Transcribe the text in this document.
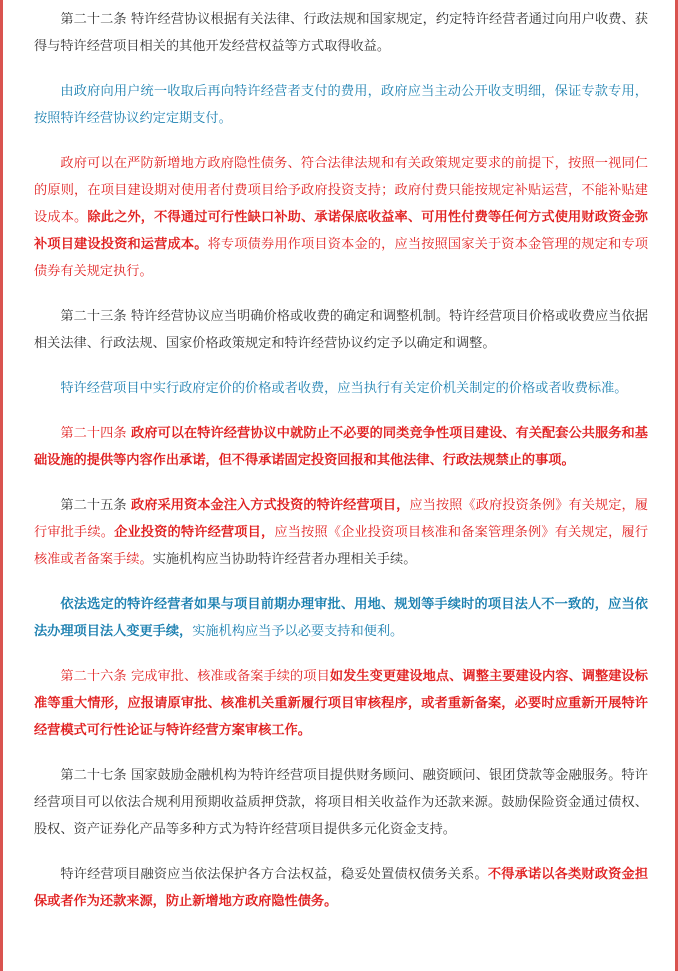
第二十二条 特许经营协议根据有关法律、行政法规和国家规定，约定特许经营者通过向用户收费、获得与特许经营项目相关的其他开发经营权益等方式取得收益。

由政府向用户统一收取后再向特许经营者支付的费用，政府应当主动公开收支明细，保证专款专用，按照特许经营协议约定定期支付。

政府可以在严防新增地方政府隐性债务、符合法律法规和有关政策规定要求的前提下，按照一视同仁的原则，在项目建设期对使用者付费项目给予政府投资支持；政府付费只能按规定补贴运营，不能补贴建设成本。除此之外，不得通过可行性缺口补助、承诺保底收益率、可用性付费等任何方式使用财政资金弥补项目建设投资和运营成本。将专项债券用作项目资本金的，应当按照国家关于资本金管理的规定和专项债券有关规定执行。

第二十三条 特许经营协议应当明确价格或收费的确定和调整机制。特许经营项目价格或收费应当依据相关法律、行政法规、国家价格政策规定和特许经营协议约定予以确定和调整。

特许经营项目中实行政府定价的价格或者收费，应当执行有关定价机关制定的价格或者收费标准。

第二十四条 政府可以在特许经营协议中就防止不必要的同类竞争性项目建设、有关配套公共服务和基础设施的提供等内容作出承诺，但不得承诺固定投资回报和其他法律、行政法规禁止的事项。

第二十五条 政府采用资本金注入方式投资的特许经营项目，应当按照《政府投资条例》有关规定，履行审批手续。企业投资的特许经营项目，应当按照《企业投资项目核准和备案管理条例》有关规定，履行核准或者备案手续。实施机构应当协助特许经营者办理相关手续。

依法选定的特许经营者如果与项目前期办理审批、用地、规划等手续时的项目法人不一致的，应当依法办理项目法人变更手续，实施机构应当予以必要支持和便利。

第二十六条 完成审批、核准或备案手续的项目如发生变更建设地点、调整主要建设内容、调整建设标准等重大情形，应报请原审批、核准机关重新履行项目审核程序，或者重新备案，必要时应重新开展特许经营模式可行性论证与特许经营方案审核工作。

第二十七条 国家鼓励金融机构为特许经营项目提供财务顾问、融资顾问、银团贷款等金融服务。特许经营项目可以依法合规利用预期收益质押贷款，将项目相关收益作为还款来源。鼓励保险资金通过债权、股权、资产证券化产品等多种方式为特许经营项目提供多元化资金支持。

特许经营项目融资应当依法保护各方合法权益，稳妥处置债权债务关系。不得承诺以各类财政资金担保或者作为还款来源，防止新增地方政府隐性债务。
